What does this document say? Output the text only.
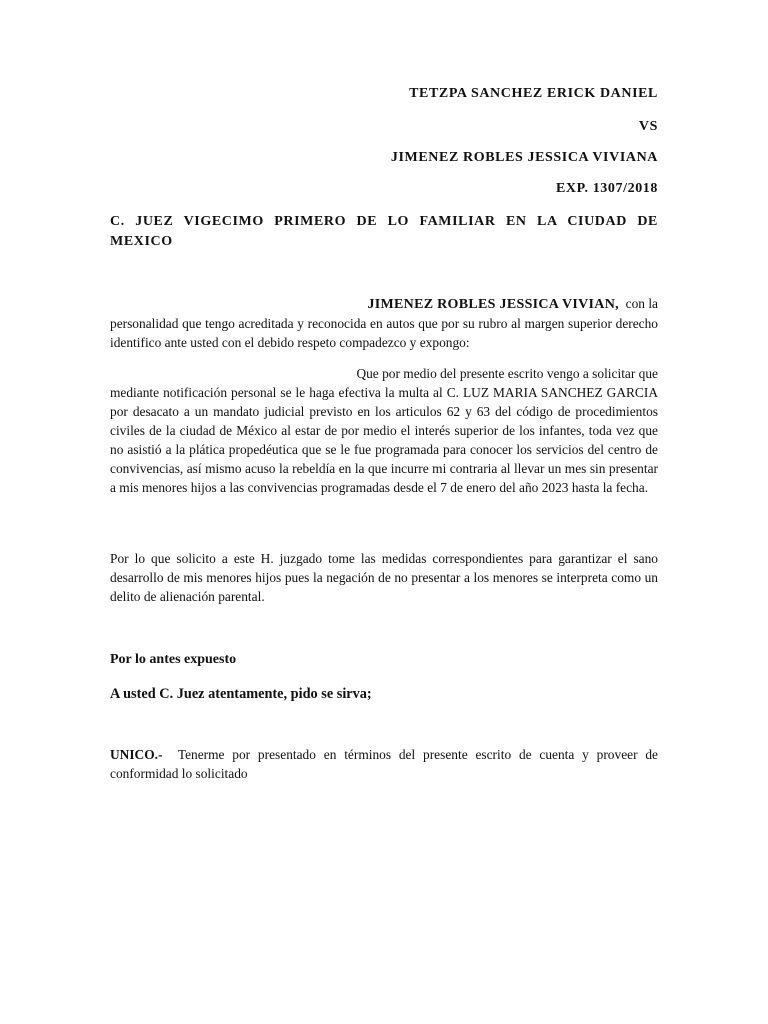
TETZPA SANCHEZ ERICK DANIEL
VS
JIMENEZ ROBLES JESSICA VIVIANA
EXP. 1307/2018
C. JUEZ VIGECIMO PRIMERO DE LO FAMILIAR EN LA CIUDAD DE MEXICO
JIMENEZ ROBLES JESSICA VIVIAN, con la
personalidad que tengo acreditada y reconocida en autos que por su rubro al margen superior derecho identifico ante usted con el debido respeto compadezco y expongo:
Que por medio del presente escrito vengo a solicitar que
mediante notificación personal se le haga efectiva la multa al C. LUZ MARIA SANCHEZ GARCIA por desacato a un mandato judicial previsto en los articulos 62 y 63 del código de procedimientos civiles de la ciudad de México al estar de por medio el interés superior de los infantes, toda vez que no asistió a la plática propedéutica que se le fue programada para conocer los servicios del centro de convivencias, así mismo acuso la rebeldía en la que incurre mi contraria al llevar un mes sin presentar a mis menores hijos a las convivencias programadas desde el 7 de enero del año 2023 hasta la fecha.
Por lo que solicito a este H. juzgado tome las medidas correspondientes para garantizar el sano desarrollo de mis menores hijos pues la negación de no presentar a los menores se interpreta como un delito de alienación parental.
Por lo antes expuesto
A usted C. Juez atentamente, pido se sirva;
UNICO.- Tenerme por presentado en términos del presente escrito de cuenta y proveer de conformidad lo solicitado
